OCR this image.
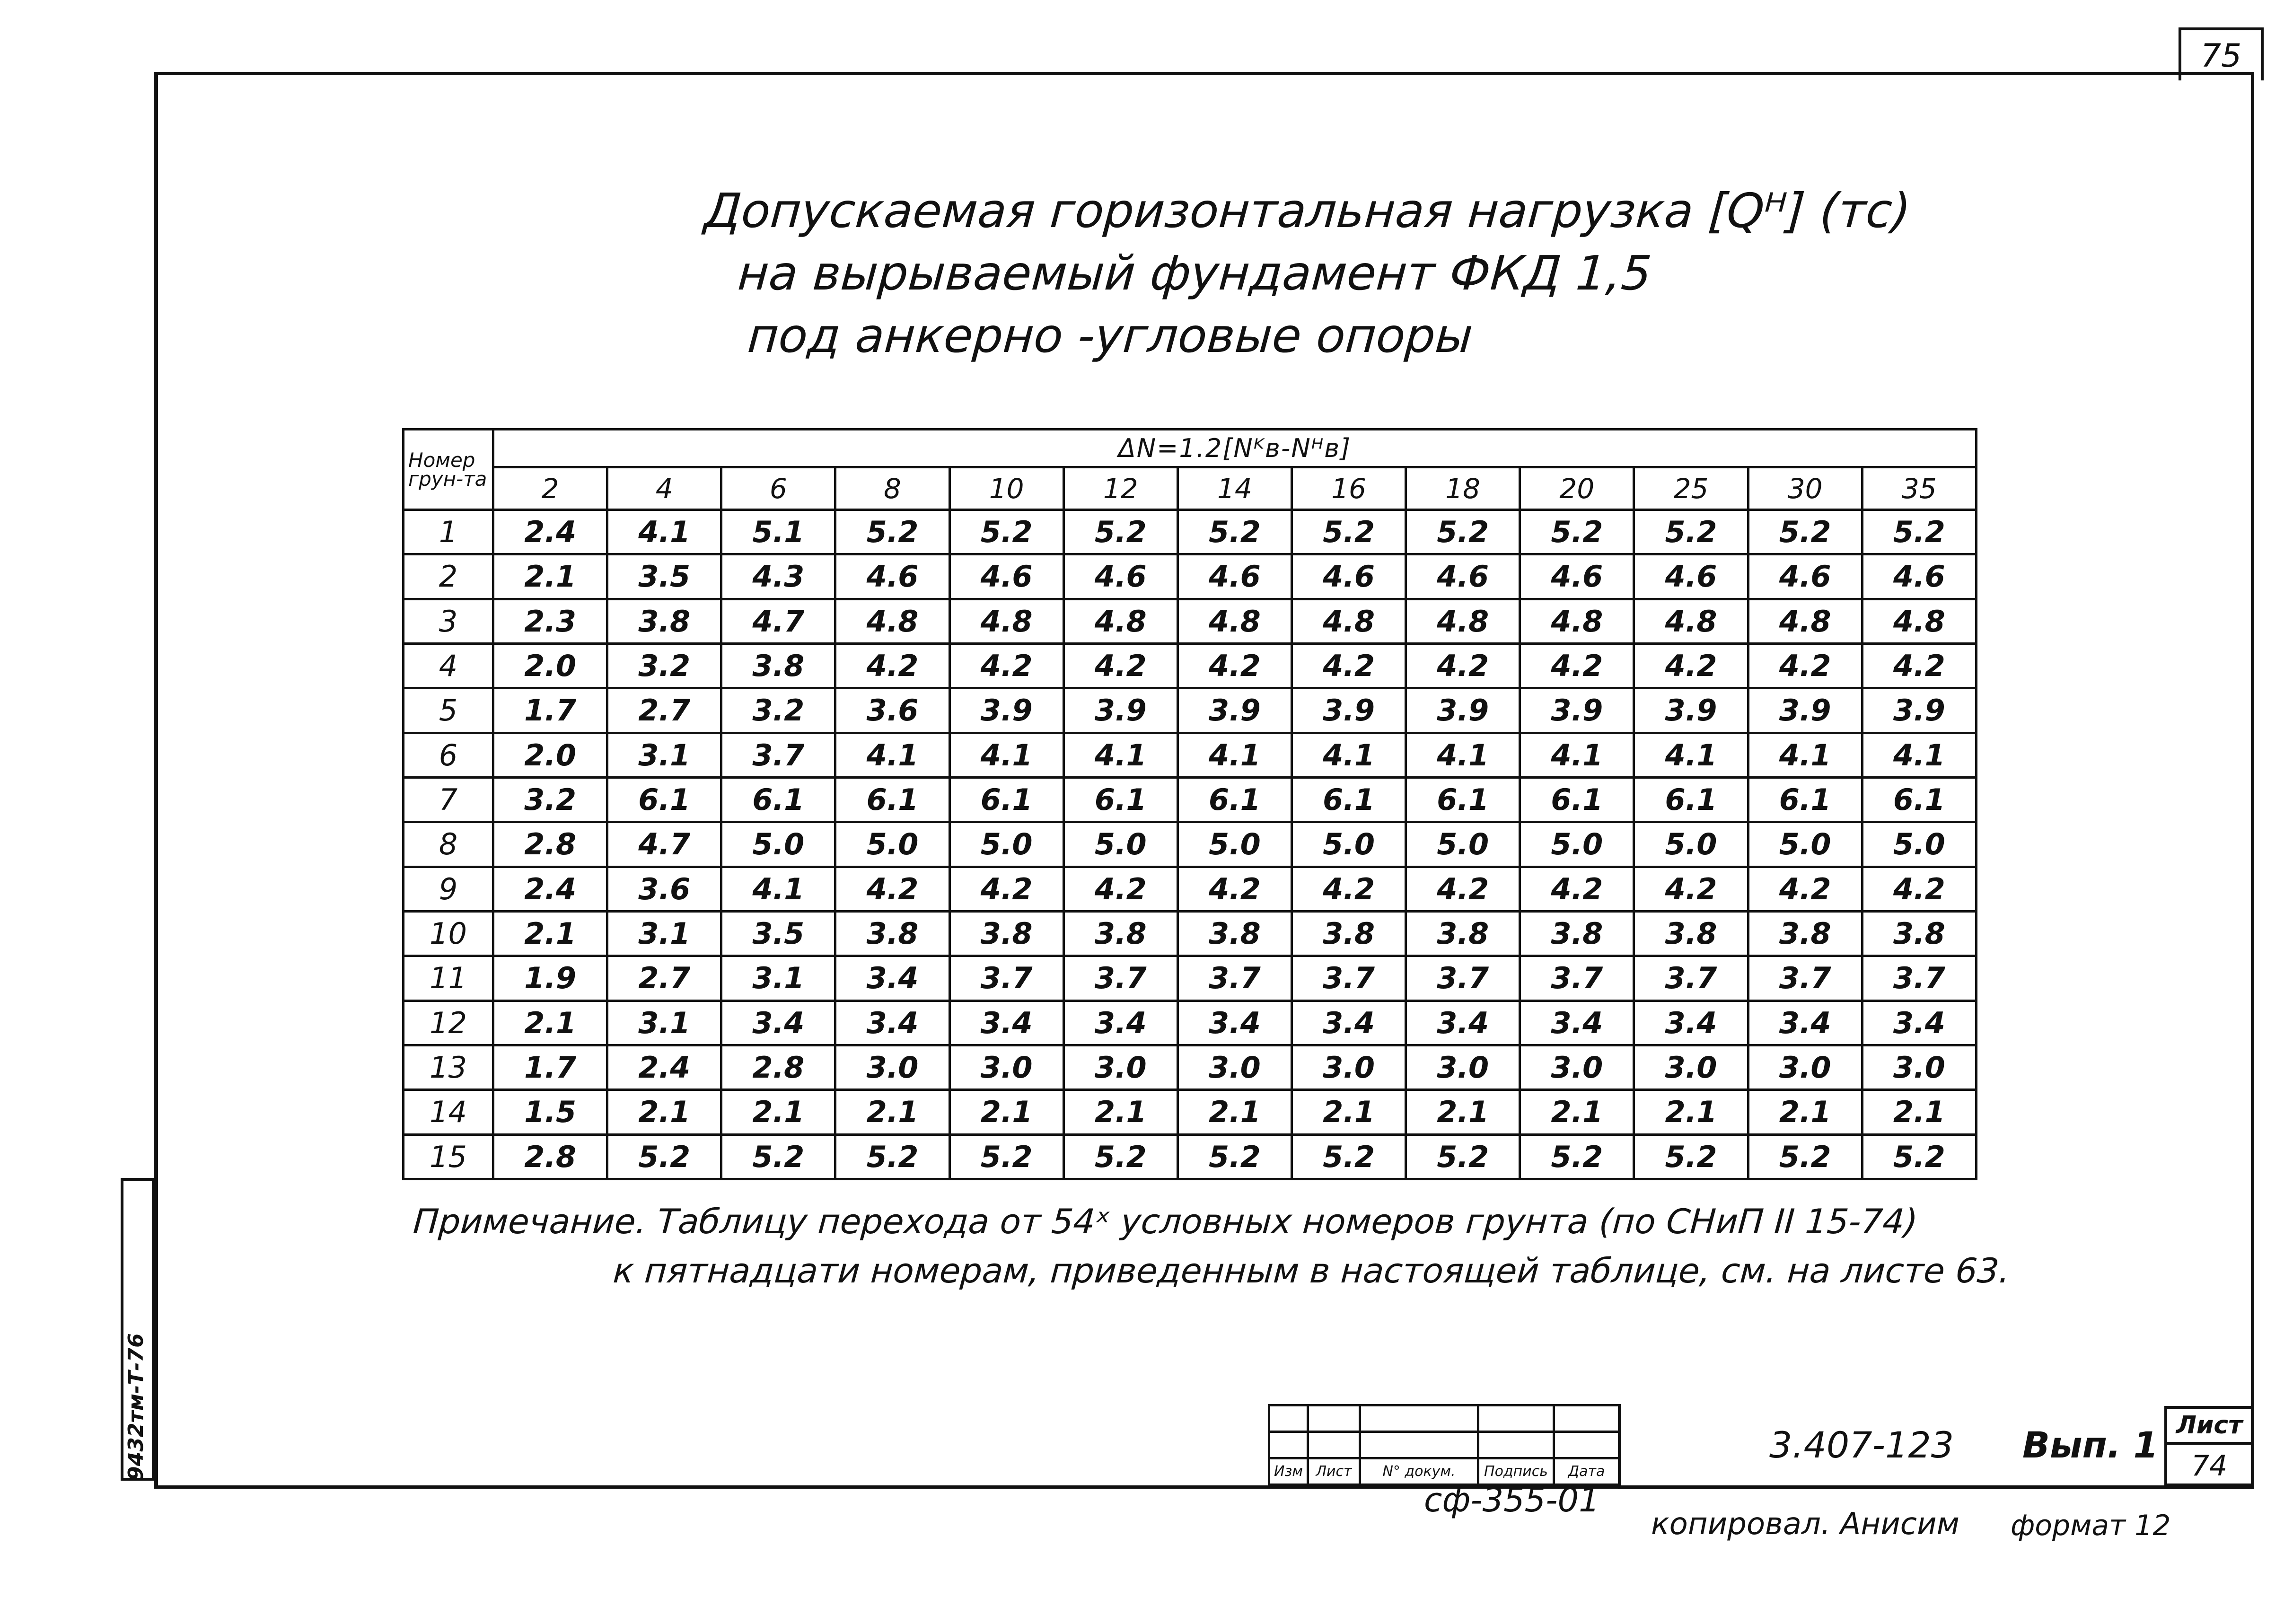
75
Допускаемая горизонтальная нагрузка [Qᴴ] (тс)
на вырываемый фундамент ФКД 1,5
под анкерно -угловые опоры
Номер грун-та	ΔN=1.2[Nᴷв-Nᴴв]												
	2	4	6	8	10	12	14	16	18	20	25	30	35
1	2.4	4.1	5.1	5.2	5.2	5.2	5.2	5.2	5.2	5.2	5.2	5.2	5.2
2	2.1	3.5	4.3	4.6	4.6	4.6	4.6	4.6	4.6	4.6	4.6	4.6	4.6
3	2.3	3.8	4.7	4.8	4.8	4.8	4.8	4.8	4.8	4.8	4.8	4.8	4.8
4	2.0	3.2	3.8	4.2	4.2	4.2	4.2	4.2	4.2	4.2	4.2	4.2	4.2
5	1.7	2.7	3.2	3.6	3.9	3.9	3.9	3.9	3.9	3.9	3.9	3.9	3.9
6	2.0	3.1	3.7	4.1	4.1	4.1	4.1	4.1	4.1	4.1	4.1	4.1	4.1
7	3.2	6.1	6.1	6.1	6.1	6.1	6.1	6.1	6.1	6.1	6.1	6.1	6.1
8	2.8	4.7	5.0	5.0	5.0	5.0	5.0	5.0	5.0	5.0	5.0	5.0	5.0
9	2.4	3.6	4.1	4.2	4.2	4.2	4.2	4.2	4.2	4.2	4.2	4.2	4.2
10	2.1	3.1	3.5	3.8	3.8	3.8	3.8	3.8	3.8	3.8	3.8	3.8	3.8
11	1.9	2.7	3.1	3.4	3.7	3.7	3.7	3.7	3.7	3.7	3.7	3.7	3.7
12	2.1	3.1	3.4	3.4	3.4	3.4	3.4	3.4	3.4	3.4	3.4	3.4	3.4
13	1.7	2.4	2.8	3.0	3.0	3.0	3.0	3.0	3.0	3.0	3.0	3.0	3.0
14	1.5	2.1	2.1	2.1	2.1	2.1	2.1	2.1	2.1	2.1	2.1	2.1	2.1
15	2.8	5.2	5.2	5.2	5.2	5.2	5.2	5.2	5.2	5.2	5.2	5.2	5.2
Примечание. Таблицу перехода от 54ˣ условных номеров грунта (по СНиП II 15-74)
к пятнадцати номерам, приведенным в настоящей таблице, см. на листе 63.
9432тм-Т-76

					Изм	Лист	N° докум.	Подпись	Дата
3.407-123 Вып. 1 Лист
74
сф-355-01
копировал. Анисим формат 12
